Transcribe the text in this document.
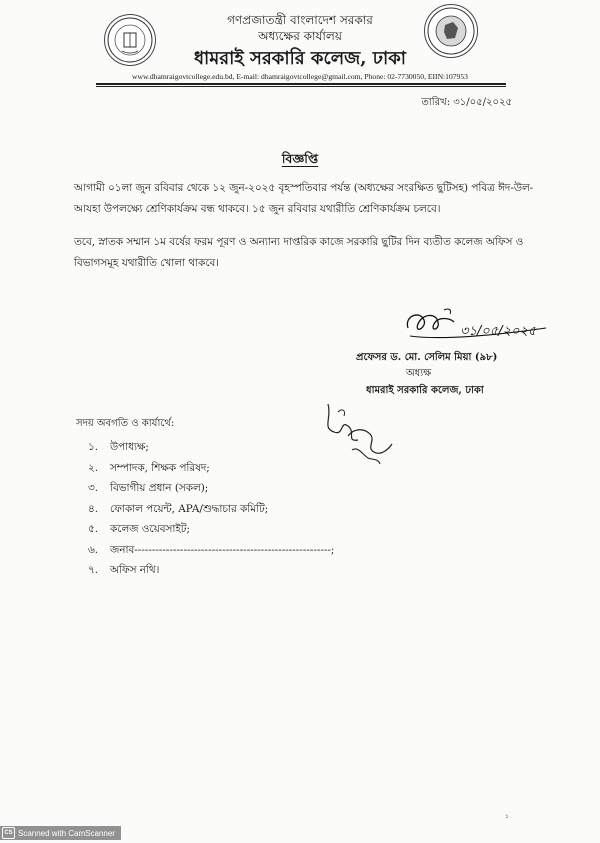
গণপ্রজাতন্ত্রী বাংলাদেশ সরকার
অধ্যক্ষের কার্যালয়
ধামরাই সরকারি কলেজ, ঢাকা
www.dhamraigovtcollege.edu.bd, E-mail: dhamraigovtcollege@gmail.com, Phone: 02-7730050, EIIN:107953
তারিখ: ৩১/০৫/২০২৫
বিজ্ঞপ্তি
আগামী ০১লা জুন রবিবার থেকে ১২ জুন-২০২৫ বৃহস্পতিবার পর্যন্ত (অধ্যক্ষের সংরক্ষিত ছুটিসহ) পবিত্র ঈদ-উল-আযহা উপলক্ষ্যে শ্রেণিকার্যক্রম বন্ধ থাকবে। ১৫ জুন রবিবার যথারীতি শ্রেণিকার্যক্রম চলবে।
তবে, স্নাতক সম্মান ১ম বর্ষের ফরম পূরণ ও অন্যান্য দাপ্তরিক কাজে সরকারি ছুটির দিন ব্যতীত কলেজ অফিস ও বিভাগসমূহ যথারীতি খোলা থাকবে।
৩১/০৫/২০২৫
প্রফেসর ড. মো. সেলিম মিয়া (৯৮)
অধ্যক্ষ
ধামরাই সরকারি কলেজ, ঢাকা
সদয় অবগতি ও কার্যার্থে:
১. উপাধ্যক্ষ;
২. সম্পাদক, শিক্ষক পরিষদ;
৩. বিভাগীয় প্রধান (সকল);
৪. ফোকাল পয়েন্ট, APA/শুদ্ধাচার কমিটি;
৫. কলেজ ওয়েবসাইট;
৬. জনাব--------------------------------------------------------;
৭. অফিস নথি।
১
CS Scanned with CamScanner
